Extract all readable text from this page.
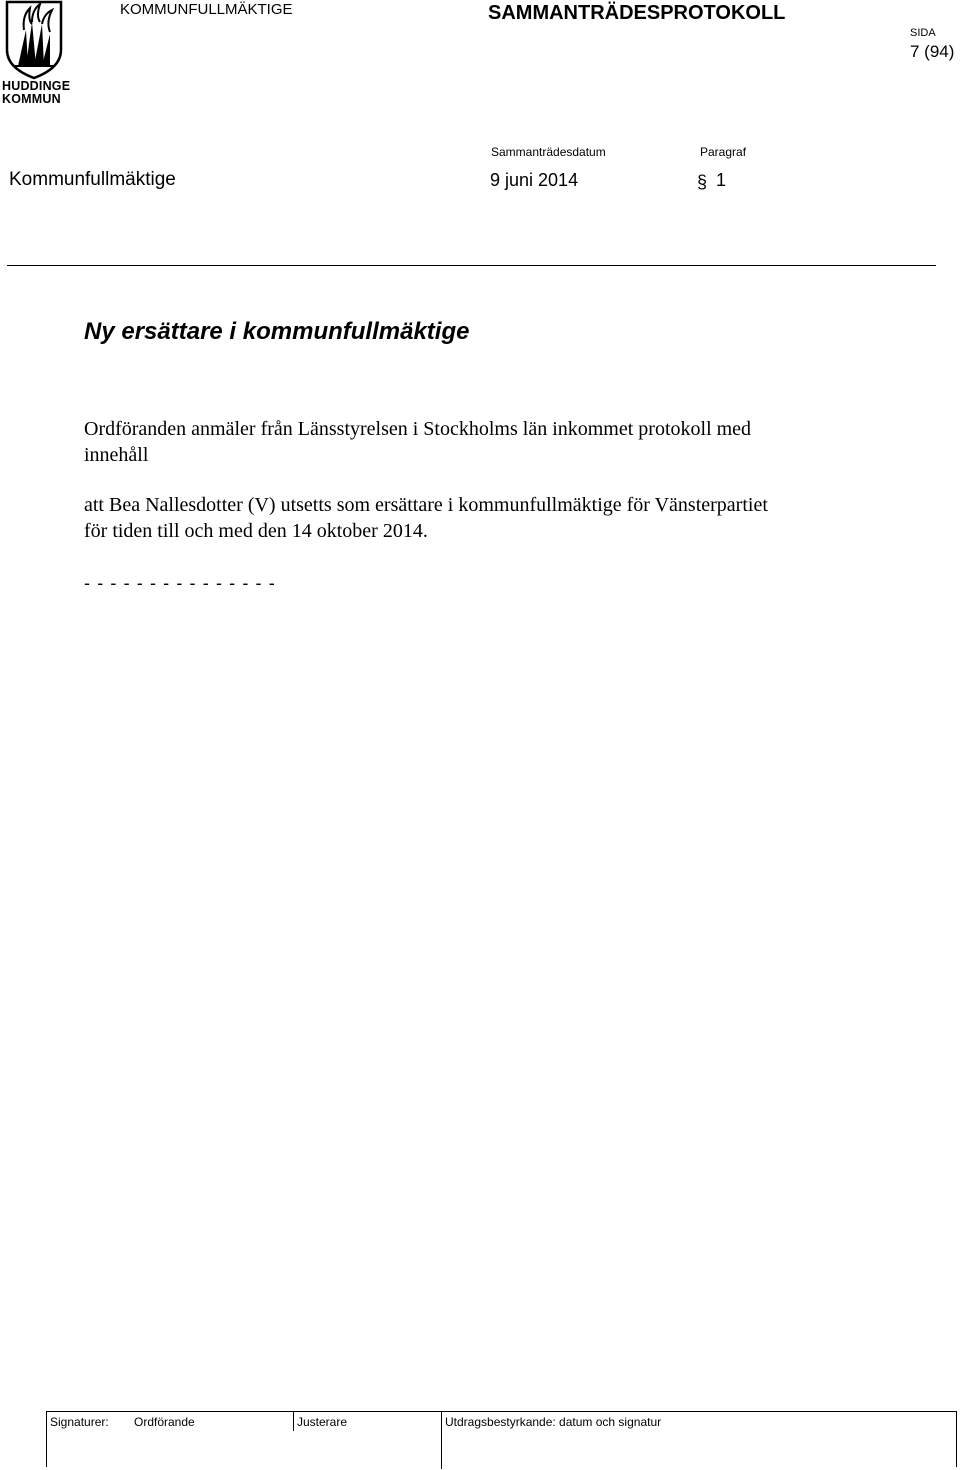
HUDDINGE
KOMMUN
KOMMUNFULLMÄKTIGE	SAMMANTRÄDESPROTOKOLL
SIDA
7 (94)
Sammanträdesdatum	Paragraf
Kommunfullmäktige	9 juni 2014	§ 1
Ny ersättare i kommunfullmäktige
Ordföranden anmäler från Länsstyrelsen i Stockholms län inkommet protokoll med
innehåll
att Bea Nallesdotter (V) utsetts som ersättare i kommunfullmäktige för Vänsterpartiet
för tiden till och med den 14 oktober 2014.
- - - - - - - - - - - - - - -
Signaturer: Ordförande	Justerare	Utdragsbestyrkande: datum och signatur
